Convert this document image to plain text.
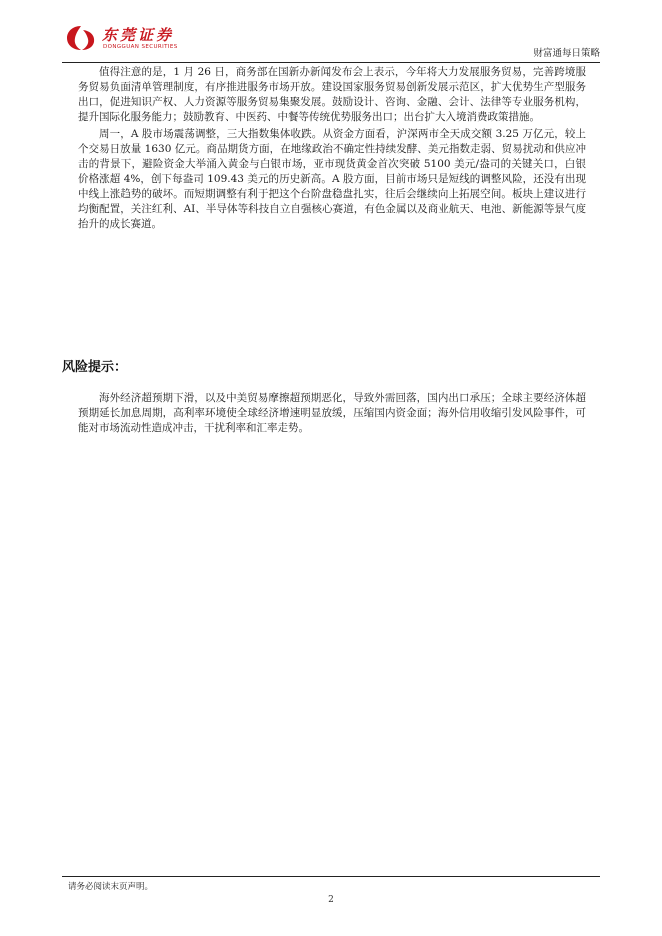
东莞证券
DONGGUAN SECURITIES
财富通每日策略

值得注意的是，1 月 26 日，商务部在国新办新闻发布会上表示，今年将大力发展服务贸易，完善跨境服务贸易负面清单管理制度，有序推进服务市场开放。建设国家服务贸易创新发展示范区，扩大优势生产型服务出口，促进知识产权、人力资源等服务贸易集聚发展。鼓励设计、咨询、金融、会计、法律等专业服务机构，提升国际化服务能力；鼓励教育、中医药、中餐等传统优势服务出口；出台扩大入境消费政策措施。

周一，A 股市场震荡调整，三大指数集体收跌。从资金方面看，沪深两市全天成交额 3.25 万亿元，较上个交易日放量 1630 亿元。商品期货方面，在地缘政治不确定性持续发酵、美元指数走弱、贸易扰动和供应冲击的背景下，避险资金大举涌入黄金与白银市场，亚市现货黄金首次突破 5100 美元/盎司的关键关口，白银价格涨超 4%，创下每盎司 109.43 美元的历史新高。A 股方面，目前市场只是短线的调整风险，还没有出现中线上涨趋势的破坏。而短期调整有利于把这个台阶盘稳盘扎实，往后会继续向上拓展空间。板块上建议进行均衡配置，关注红利、AI、半导体等科技自立自强核心赛道，有色金属以及商业航天、电池、新能源等景气度抬升的成长赛道。

风险提示：

海外经济超预期下滑，以及中美贸易摩擦超预期恶化，导致外需回落，国内出口承压；全球主要经济体超预期延长加息周期，高利率环境使全球经济增速明显放缓，压缩国内资金面；海外信用收缩引发风险事件，可能对市场流动性造成冲击，干扰利率和汇率走势。

请务必阅读末页声明。
2
